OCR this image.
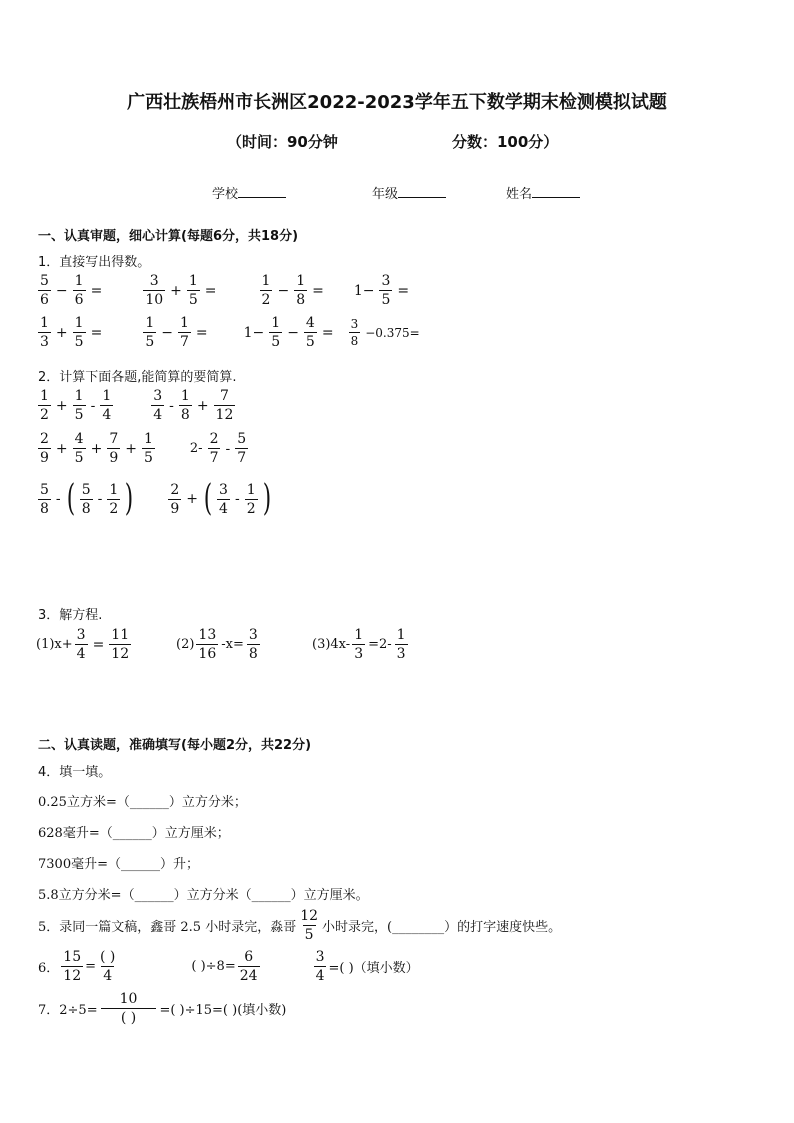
广西壮族梧州市长洲区2022-2023学年五下数学期末检测模拟试题
（时间：90分钟	分数：100分）
学校	年级	姓名
一、认真审题，细心计算(每题6分，共18分)
1．直接写出得数。
5
6
− $\frac{1}{6}$ =
3
10
+ $\frac{1}{5}$ =
1
2
− $\frac{1}{8} = 1- \frac{3}{5}$ =
1
3
+ $\frac{1}{5}$ =
1
5
− $\frac{1}{7}$ =	$1- \frac{1}{5} - \frac{4}{5}$ =
3
8
−0.375=
2．计算下面各题,能简算的要简算.
1
2
+ $\frac{1}{5}$ -
1
4
3
4
-
1
8
+ $\frac{7}{12}$
2
9
+ $\frac{4}{5} + \frac{7}{9} + \frac{1}{5}$	2-
2
7
-
5
7
5
8
- ( 5
8
-
1
2 )	2
9
+ ( 3
4
-
1
2 )
3．解方程.
$(1)x+ \frac{3}{4} = \frac{11}{12}$	(2)
13
16
$-x= \frac{3}{8}$	$(3)4x- \frac{1}{3} =2-$
1
3
二、认真读题，准确填写(每小题2分，共22分)
4．填一填。
0.25立方米=（______）立方分米；
628毫升=（______）立方厘米；
7300毫升=（______）升；
5.8立方分米=（______）立方分米（______）立方厘米。
5．录同一篇文稿，鑫哥 2.5 小时录完，淼哥
12
5 小时录完，(________）的打字速度快些。
6． $\frac{15}{12}$ =
( )
4
( )$\div 8= \frac{6}{24}$	$\frac{3}{4}$ =( )（填小数）
7．2÷5=
10
( )	=( )÷15=( )(填小数)
